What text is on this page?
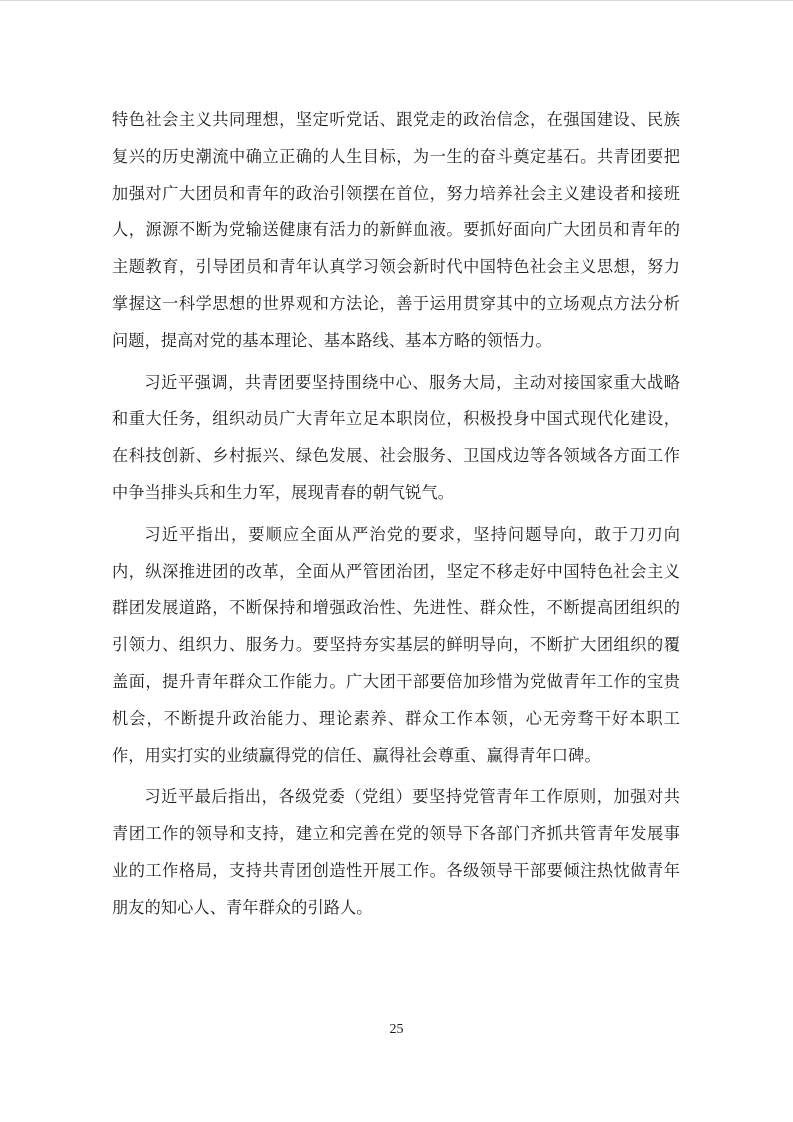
特色社会主义共同理想，坚定听党话、跟党走的政治信念，在强国建设、民族复兴的历史潮流中确立正确的人生目标，为一生的奋斗奠定基石。共青团要把加强对广大团员和青年的政治引领摆在首位，努力培养社会主义建设者和接班人，源源不断为党输送健康有活力的新鲜血液。要抓好面向广大团员和青年的主题教育，引导团员和青年认真学习领会新时代中国特色社会主义思想，努力掌握这一科学思想的世界观和方法论，善于运用贯穿其中的立场观点方法分析问题，提高对党的基本理论、基本路线、基本方略的领悟力。

习近平强调，共青团要坚持围绕中心、服务大局，主动对接国家重大战略和重大任务，组织动员广大青年立足本职岗位，积极投身中国式现代化建设，在科技创新、乡村振兴、绿色发展、社会服务、卫国戍边等各领域各方面工作中争当排头兵和生力军，展现青春的朝气锐气。

习近平指出，要顺应全面从严治党的要求，坚持问题导向，敢于刀刃向内，纵深推进团的改革，全面从严管团治团，坚定不移走好中国特色社会主义群团发展道路，不断保持和增强政治性、先进性、群众性，不断提高团组织的引领力、组织力、服务力。要坚持夯实基层的鲜明导向，不断扩大团组织的覆盖面，提升青年群众工作能力。广大团干部要倍加珍惜为党做青年工作的宝贵机会，不断提升政治能力、理论素养、群众工作本领，心无旁骛干好本职工作，用实打实的业绩赢得党的信任、赢得社会尊重、赢得青年口碑。

习近平最后指出，各级党委（党组）要坚持党管青年工作原则，加强对共青团工作的领导和支持，建立和完善在党的领导下各部门齐抓共管青年发展事业的工作格局，支持共青团创造性开展工作。各级领导干部要倾注热忱做青年朋友的知心人、青年群众的引路人。

25
